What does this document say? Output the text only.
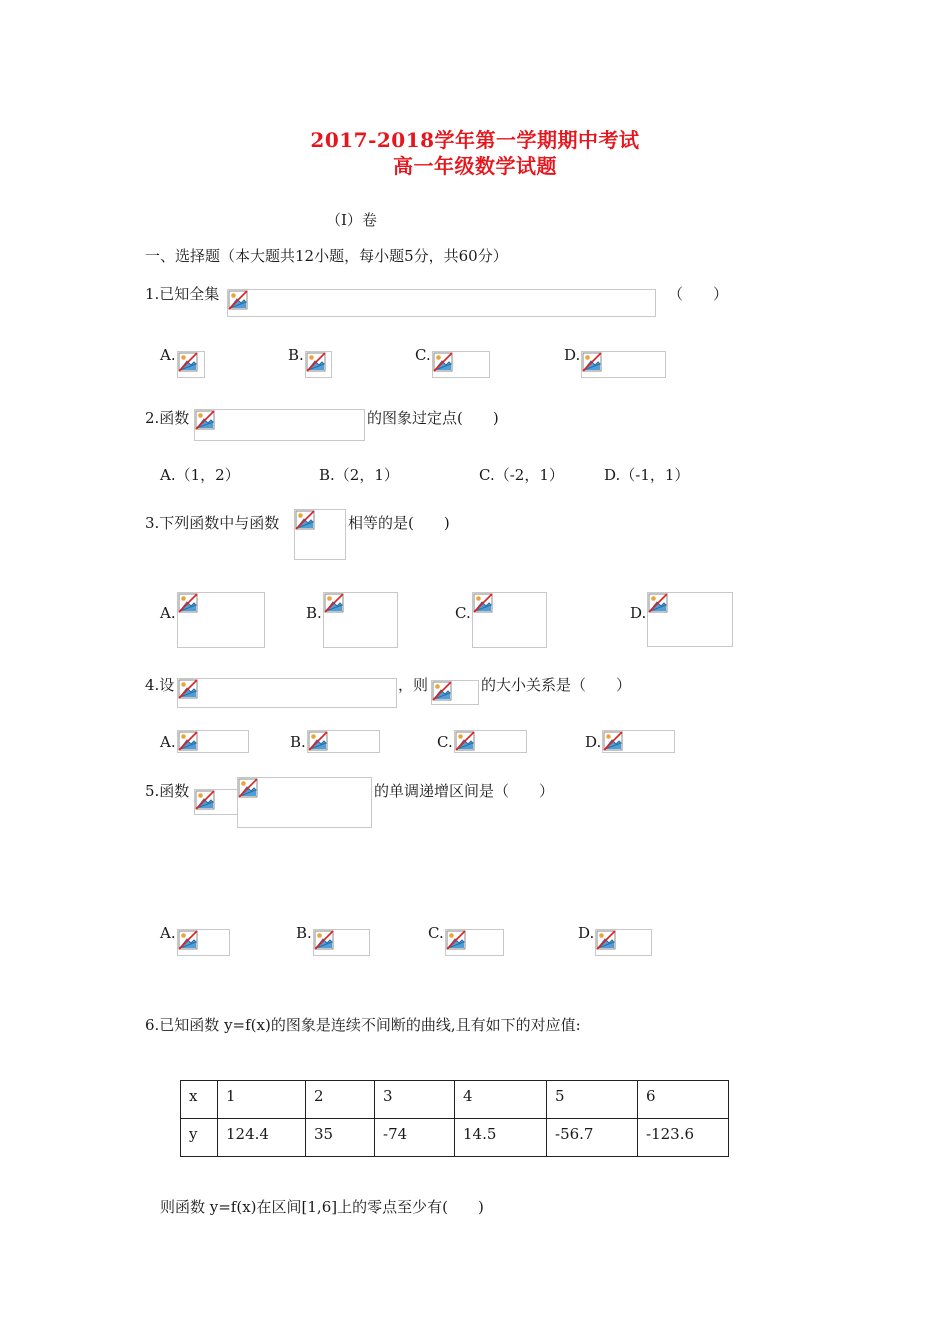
2017-2018学年第一学期期中考试
高一年级数学试题
（Ⅰ）卷
一、选择题（本大题共12小题，每小题5分，共60分）
1.已知全集	（　　）
A.	B.	C.	D.
2.函数	的图象过定点(　　)
A.（1，2）	B.（2，1）	C.（-2，1）	D.（-1，1）
3.下列函数中与函数	相等的是(　　)
A.	B.	C.	D.
4.设	，则	的大小关系是（　　）
A.	B.	C.	D.
5.函数	的单调递增区间是（　　）
A.	B.	C.	D.
6.已知函数 y=f(x)的图象是连续不间断的曲线,且有如下的对应值:
x	1	2	3	4	5	6
y	124.4	35	-74	14.5	-56.7	-123.6
则函数 y=f(x)在区间[1,6]上的零点至少有(　　)
